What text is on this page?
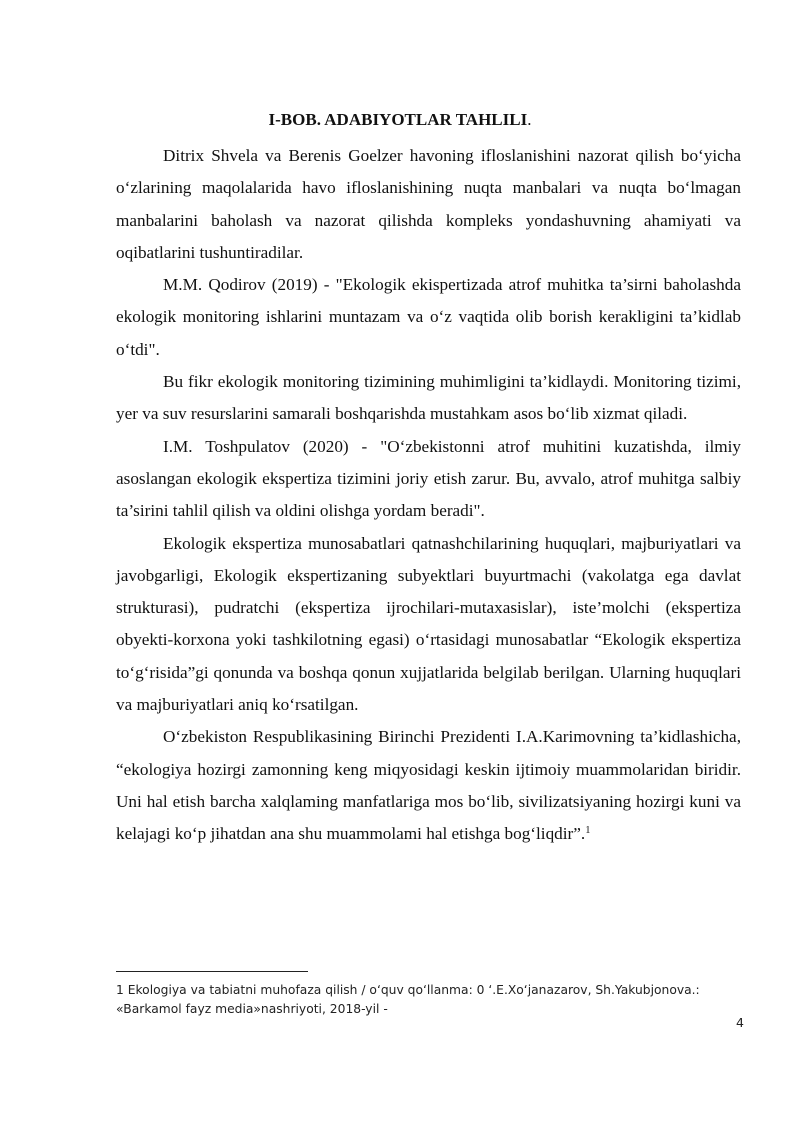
I-BOB. ADABIYOTLAR TAHLILI.

Ditrix Shvela va Berenis Goelzer havoning ifloslanishini nazorat qilish bo‘yicha o‘zlarining maqolalarida havo ifloslanishining nuqta manbalari va nuqta bo‘lmagan manbalarini baholash va nazorat qilishda kompleks yondashuvning ahamiyati va oqibatlarini tushuntiradilar.

M.M. Qodirov (2019) - "Ekologik ekispertizada atrof muhitka ta’sirni baholashda ekologik monitoring ishlarini muntazam va o‘z vaqtida olib borish kerakligini ta’kidlab o‘tdi".

Bu fikr ekologik monitoring tizimining muhimligini ta’kidlaydi. Monitoring tizimi, yer va suv resurslarini samarali boshqarishda mustahkam asos bo‘lib xizmat qiladi.

I.M. Toshpulatov (2020) - "O‘zbekistonni atrof muhitini kuzatishda, ilmiy asoslangan ekologik ekspertiza tizimini joriy etish zarur. Bu, avvalo, atrof muhitga salbiy ta’sirini tahlil qilish va oldini olishga yordam beradi".

Ekologik ekspertiza munosabatlari qatnashchilarining huquqlari, majburiyatlari va javobgarligi, Ekologik ekspertizaning subyektlari buyurtmachi (vakolatga ega davlat strukturasi), pudratchi (ekspertiza ijrochilari-mutaxasislar), iste’molchi (ekspertiza obyekti-korxona yoki tashkilotning egasi) o‘rtasidagi munosabatlar “Ekologik ekspertiza to‘g‘risida”gi qonunda va boshqa qonun xujjatlarida belgilab berilgan. Ularning huquqlari va majburiyatlari aniq ko‘rsatilgan.

O‘zbekiston Respublikasining Birinchi Prezidenti I.A.Karimovning ta’kidlashicha, “ekologiya hozirgi zamonning keng miqyosidagi keskin ijtimoiy muammolaridan biridir. Uni hal etish barcha xalqlaming manfatlariga mos bo‘lib, sivilizatsiyaning hozirgi kuni va kelajagi ko‘p jihatdan ana shu muammolami hal etishga bog‘liqdir”.$^1$

1 Ekologiya va tabiatni muhofaza qilish / o‘quv qo‘llanma: 0 ‘.E.Xo‘janazarov, Sh.Yakubjonova.:
«Barkamol fayz media»nashriyoti, 2018-yil -
4
